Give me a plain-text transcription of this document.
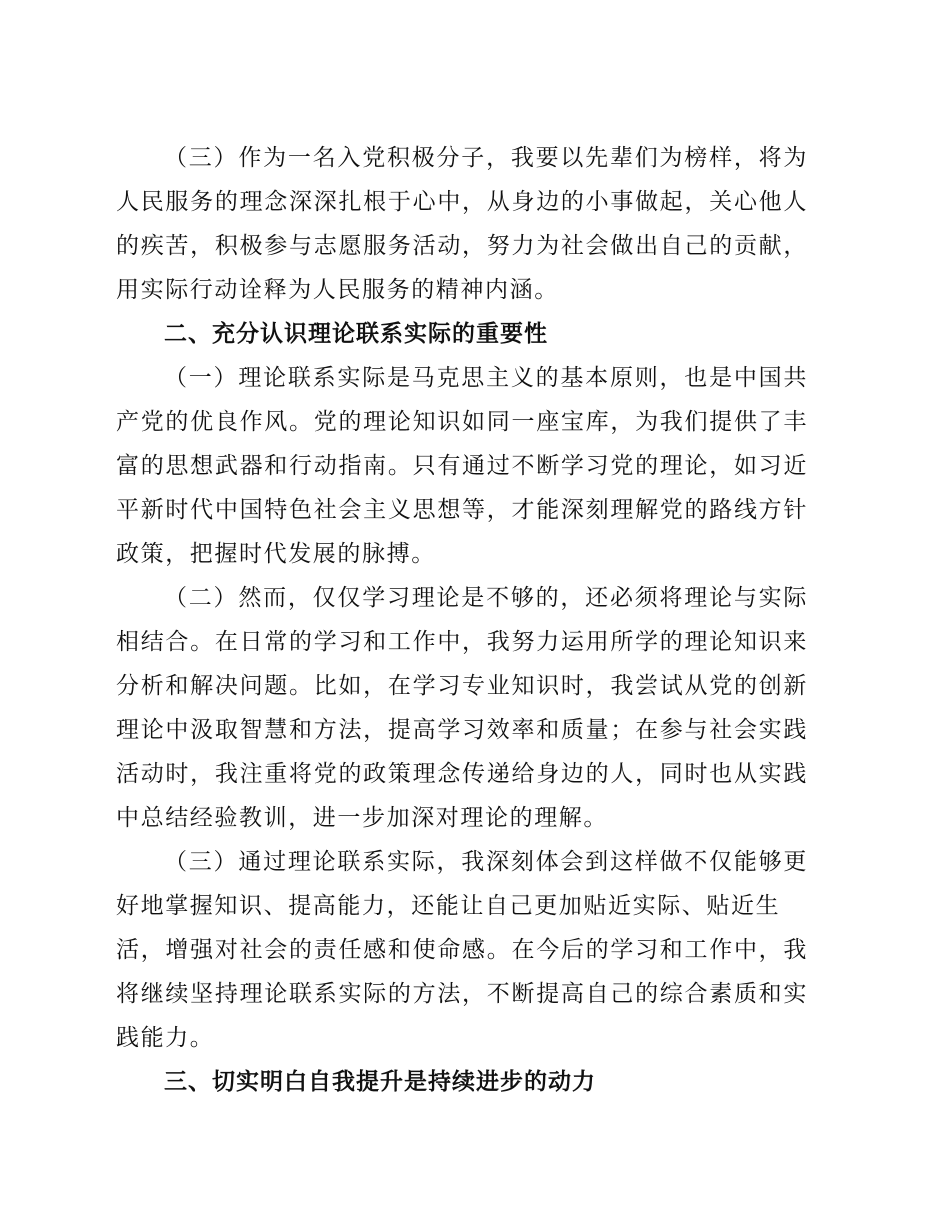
（三）作为一名入党积极分子，我要以先辈们为榜样，将为
人民服务的理念深深扎根于心中，从身边的小事做起，关心他人
的疾苦，积极参与志愿服务活动，努力为社会做出自己的贡献，
用实际行动诠释为人民服务的精神内涵。
二、充分认识理论联系实际的重要性
（一）理论联系实际是马克思主义的基本原则，也是中国共
产党的优良作风。党的理论知识如同一座宝库，为我们提供了丰
富的思想武器和行动指南。只有通过不断学习党的理论，如习近
平新时代中国特色社会主义思想等，才能深刻理解党的路线方针
政策，把握时代发展的脉搏。
（二）然而，仅仅学习理论是不够的，还必须将理论与实际
相结合。在日常的学习和工作中，我努力运用所学的理论知识来
分析和解决问题。比如，在学习专业知识时，我尝试从党的创新
理论中汲取智慧和方法，提高学习效率和质量；在参与社会实践
活动时，我注重将党的政策理念传递给身边的人，同时也从实践
中总结经验教训，进一步加深对理论的理解。
（三）通过理论联系实际，我深刻体会到这样做不仅能够更
好地掌握知识、提高能力，还能让自己更加贴近实际、贴近生
活，增强对社会的责任感和使命感。在今后的学习和工作中，我
将继续坚持理论联系实际的方法，不断提高自己的综合素质和实
践能力。
三、切实明白自我提升是持续进步的动力
